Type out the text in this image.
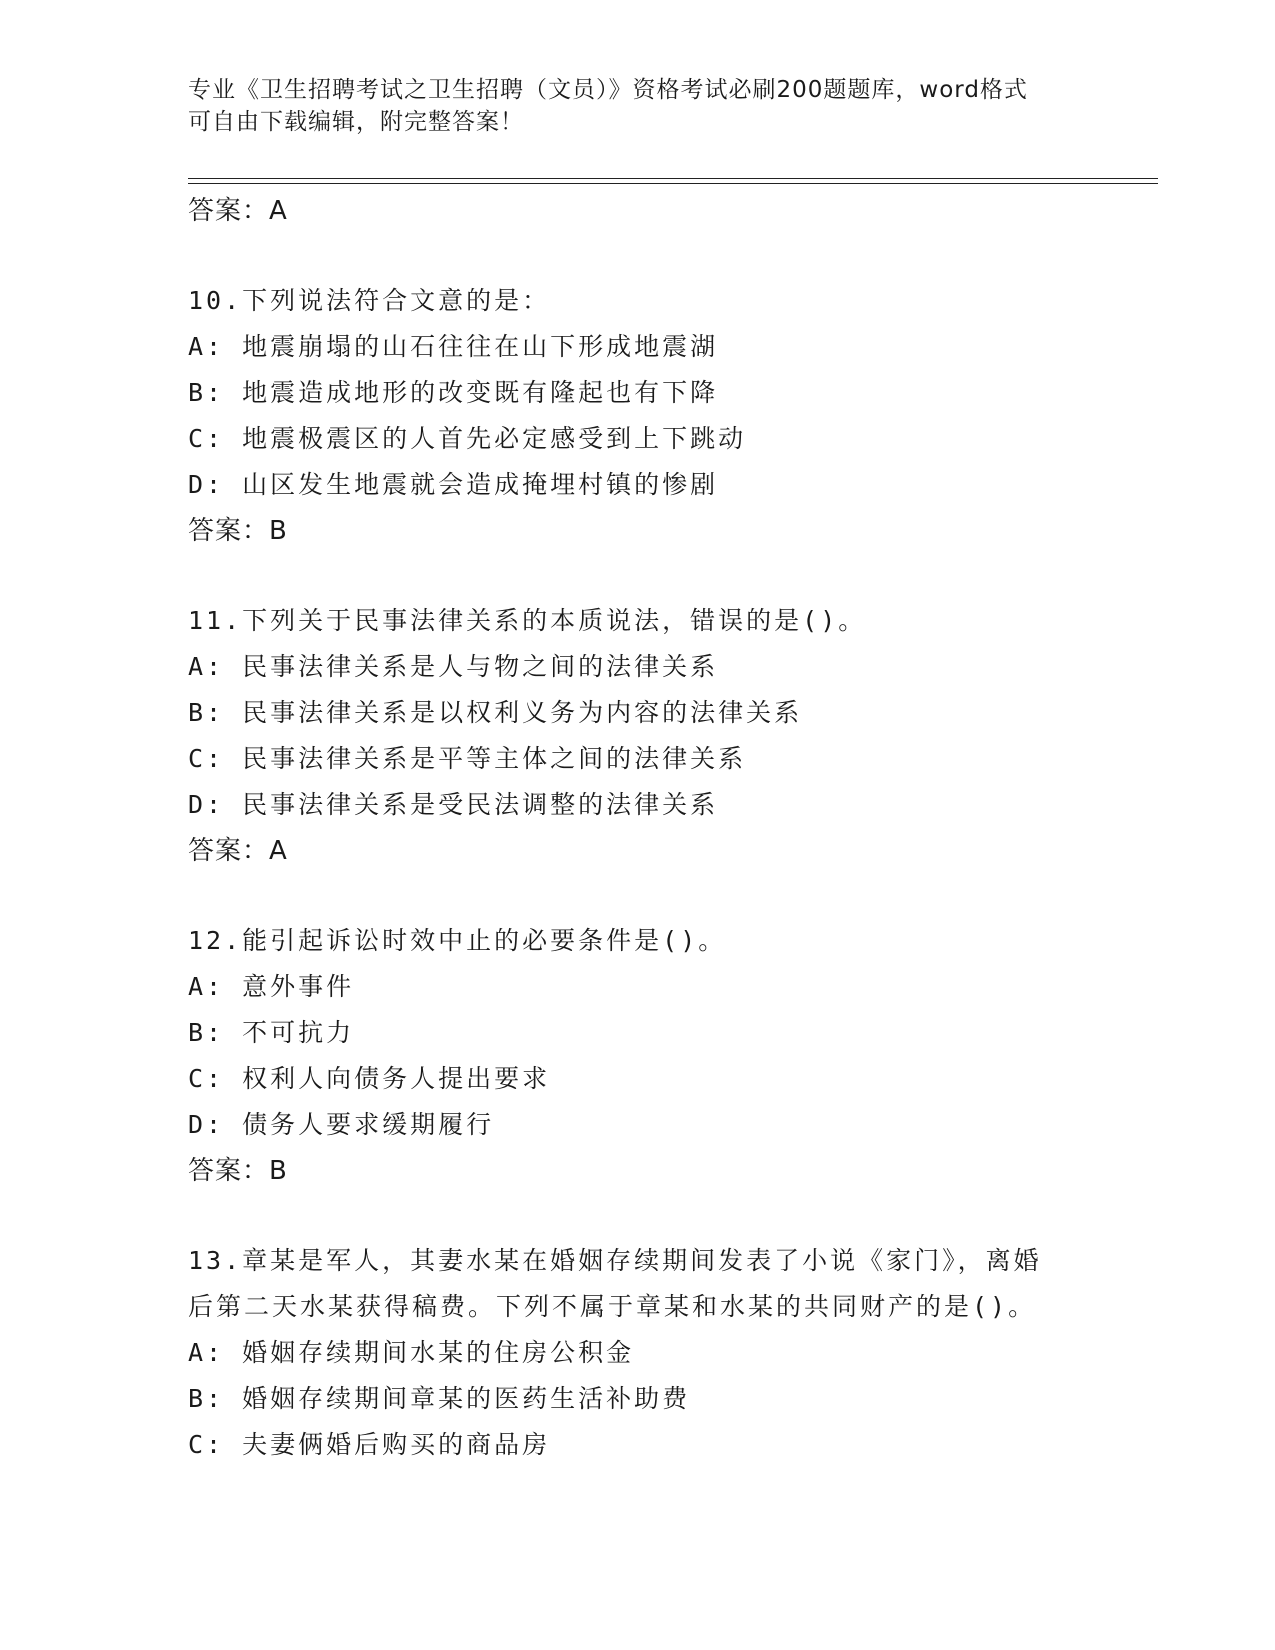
专业《卫生招聘考试之卫生招聘（文员）》资格考试必刷200题题库，word格式
可自由下载编辑，附完整答案！
答案：A
10.下列说法符合文意的是：
A: 地震崩塌的山石往往在山下形成地震湖
B: 地震造成地形的改变既有隆起也有下降
C: 地震极震区的人首先必定感受到上下跳动
D: 山区发生地震就会造成掩埋村镇的惨剧
答案：B
11.下列关于民事法律关系的本质说法，错误的是()。
A: 民事法律关系是人与物之间的法律关系
B: 民事法律关系是以权利义务为内容的法律关系
C: 民事法律关系是平等主体之间的法律关系
D: 民事法律关系是受民法调整的法律关系
答案：A
12.能引起诉讼时效中止的必要条件是()。
A: 意外事件
B: 不可抗力
C: 权利人向债务人提出要求
D: 债务人要求缓期履行
答案：B
13.章某是军人，其妻水某在婚姻存续期间发表了小说《家门》，离婚
后第二天水某获得稿费。下列不属于章某和水某的共同财产的是()。
A: 婚姻存续期间水某的住房公积金
B: 婚姻存续期间章某的医药生活补助费
C: 夫妻俩婚后购买的商品房
